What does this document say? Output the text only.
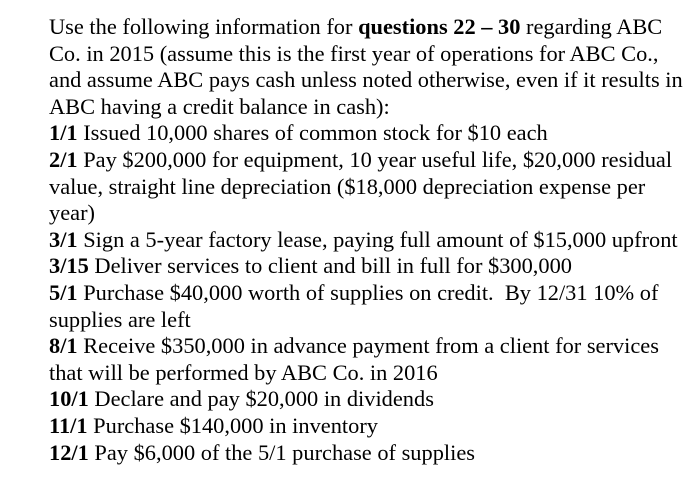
Use the following information for questions 22 – 30 regarding ABC Co. in 2015 (assume this is the first year of operations for ABC Co., and assume ABC pays cash unless noted otherwise, even if it results in ABC having a credit balance in cash):

1/1 Issued 10,000 shares of common stock for $10 each

2/1 Pay $200,000 for equipment, 10 year useful life, $20,000 residual value, straight line depreciation ($18,000 depreciation expense per year)

3/1 Sign a 5-year factory lease, paying full amount of $15,000 upfront

3/15 Deliver services to client and bill in full for $300,000

5/1 Purchase $40,000 worth of supplies on credit.  By 12/31 10% of supplies are left

8/1 Receive $350,000 in advance payment from a client for services that will be performed by ABC Co. in 2016

10/1 Declare and pay $20,000 in dividends

11/1 Purchase $140,000 in inventory

12/1 Pay $6,000 of the 5/1 purchase of supplies
